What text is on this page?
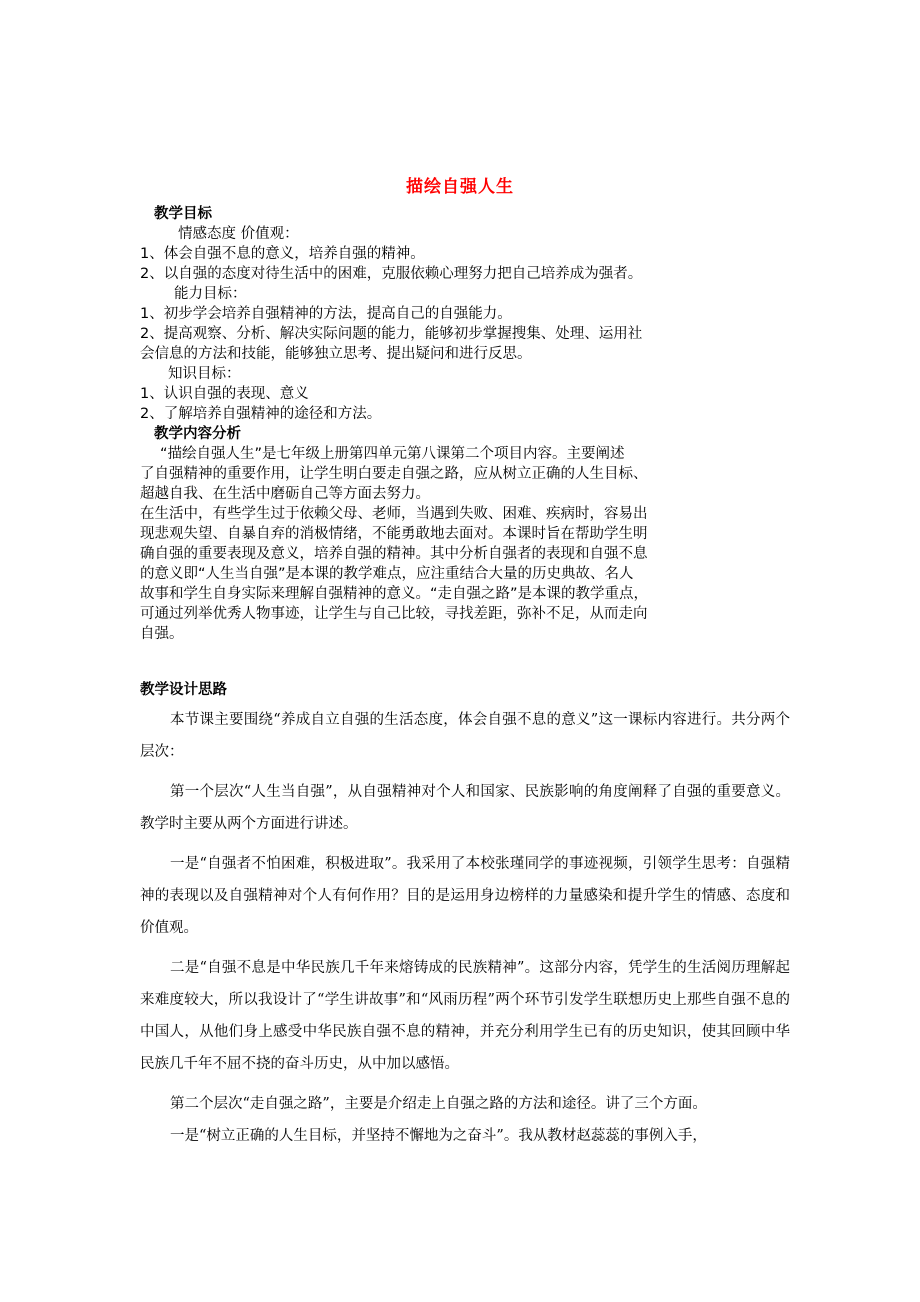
描绘自强人生

教学目标

情感态度 价值观：

1、体会自强不息的意义，培养自强的精神。

2、以自强的态度对待生活中的困难，克服依赖心理努力把自己培养成为强者。

能力目标：

1、初步学会培养自强精神的方法，提高自己的自强能力。

2、提高观察、分析、解决实际问题的能力，能够初步掌握搜集、处理、运用社

会信息的方法和技能，能够独立思考、提出疑问和进行反思。

知识目标：

1、认识自强的表现、意义

2、了解培养自强精神的途径和方法。

教学内容分析

“描绘自强人生”是七年级上册第四单元第八课第二个项目内容。主要阐述

了自强精神的重要作用，让学生明白要走自强之路，应从树立正确的人生目标、

超越自我、在生活中磨砺自己等方面去努力。

在生活中，有些学生过于依赖父母、老师，当遇到失败、困难、疾病时，容易出

现悲观失望、自暴自弃的消极情绪，不能勇敢地去面对。本课时旨在帮助学生明

确自强的重要表现及意义，培养自强的精神。其中分析自强者的表现和自强不息

的意义即“人生当自强”是本课的教学难点，应注重结合大量的历史典故、名人

故事和学生自身实际来理解自强精神的意义。“走自强之路”是本课的教学重点，

可通过列举优秀人物事迹，让学生与自己比较，寻找差距，弥补不足，从而走向

自强。

教学设计思路

本节课主要围绕“养成自立自强的生活态度，体会自强不息的意义”这一课标内容进行。共分两个层次：

第一个层次“人生当自强”，从自强精神对个人和国家、民族影响的角度阐释了自强的重要意义。教学时主要从两个方面进行讲述。

一是“自强者不怕困难，积极进取”。我采用了本校张瑾同学的事迹视频，引领学生思考：自强精神的表现以及自强精神对个人有何作用？目的是运用身边榜样的力量感染和提升学生的情感、态度和价值观。

二是“自强不息是中华民族几千年来熔铸成的民族精神”。这部分内容，凭学生的生活阅历理解起来难度较大，所以我设计了“学生讲故事”和“风雨历程”两个环节引发学生联想历史上那些自强不息的中国人，从他们身上感受中华民族自强不息的精神，并充分利用学生已有的历史知识，使其回顾中华民族几千年不屈不挠的奋斗历史，从中加以感悟。

第二个层次“走自强之路”，主要是介绍走上自强之路的方法和途径。讲了三个方面。

一是“树立正确的人生目标，并坚持不懈地为之奋斗”。我从教材赵蕊蕊的事例入手，
